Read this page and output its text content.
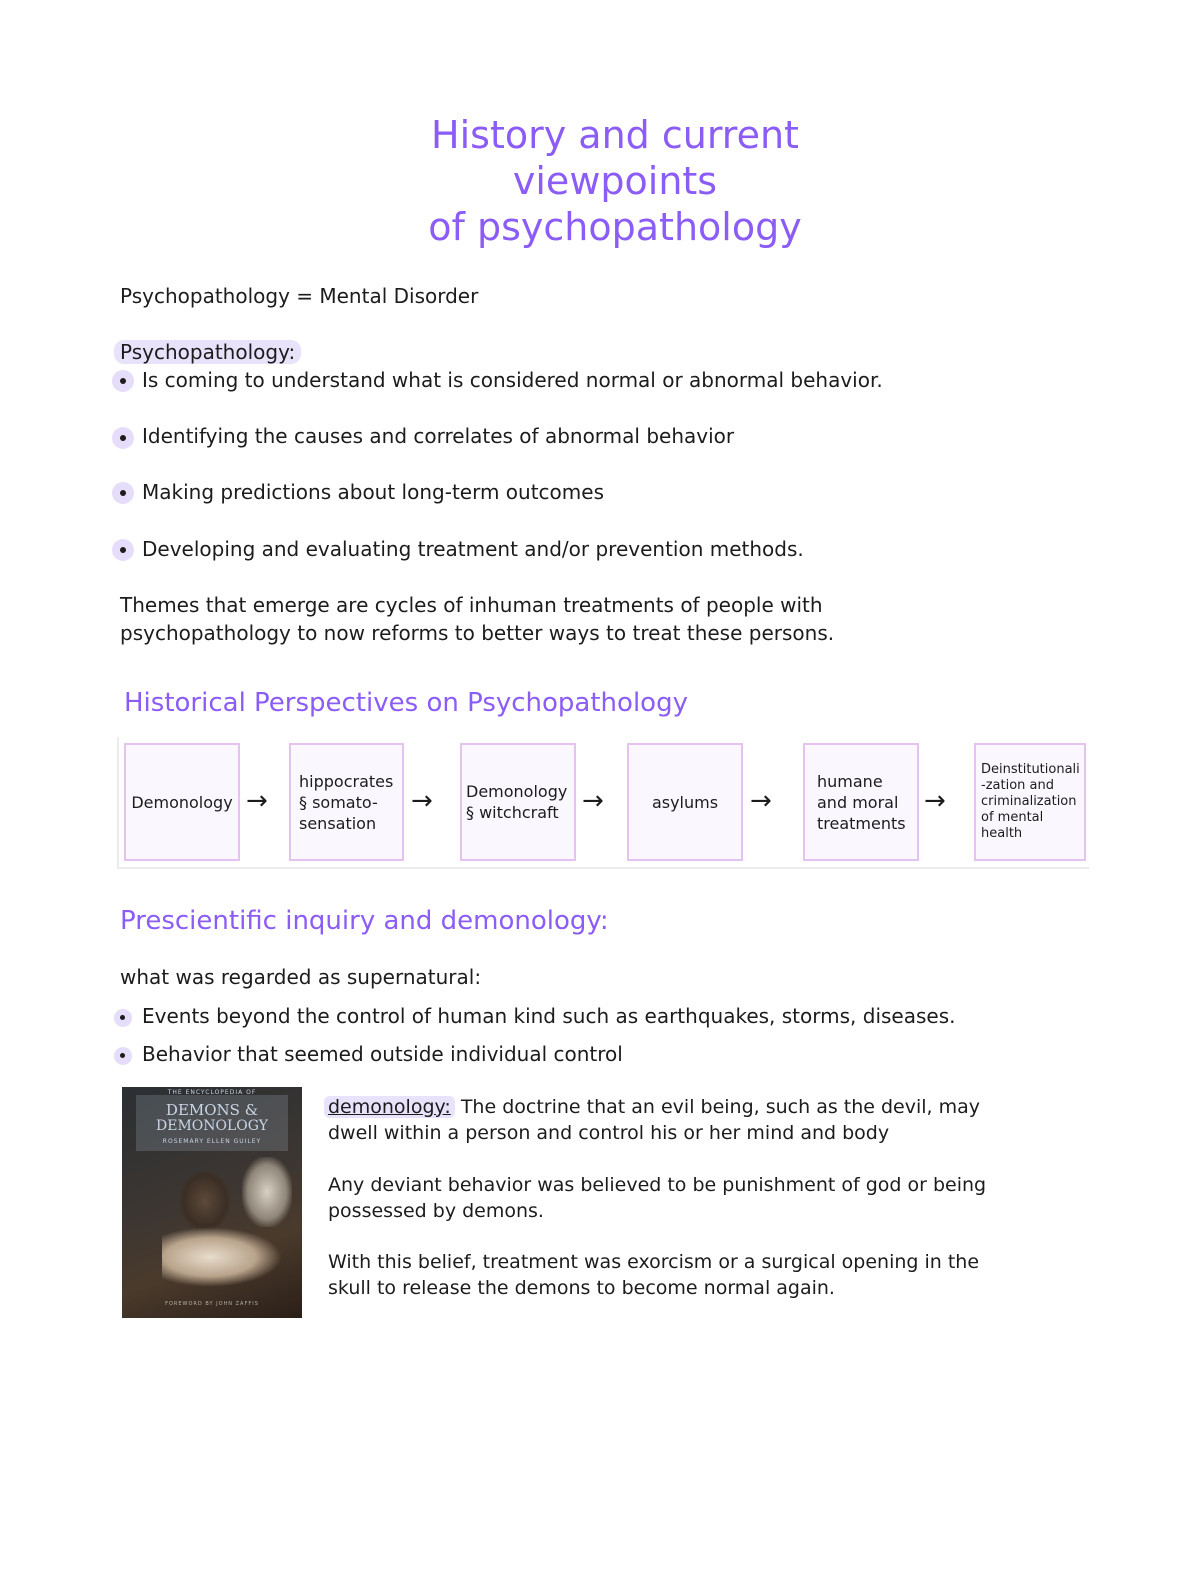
History and current
viewpoints
of psychopathology
Psychopathology = Mental Disorder
Psychopathology:
Is coming to understand what is considered normal or abnormal behavior.
Identifying the causes and correlates of abnormal behavior
Making predictions about long-term outcomes
Developing and evaluating treatment and/or prevention methods.
Themes that emerge are cycles of inhuman treatments of people with
psychopathology to now reforms to better ways to treat these persons.
Historical Perspectives on Psychopathology
Demonology →
hippocrates
§ somato-
sensation
→ Demonology
§ witchcraft →	asylums →
humane
and moral
treatments
→
Deinstitutionali
-zation and
criminalization
of mental
health
Prescientific inquiry and demonology:
what was regarded as supernatural:
Events beyond the control of human kind such as earthquakes, storms, diseases.
Behavior that seemed outside individual control
THE ENCYCLOPEDIA OF
DEMONS &
DEMONOLOGY
ROSEMARY ELLEN GUILEY
FOREWORD BY JOHN ZAFFIS
demonology: The doctrine that an evil being, such as the devil, may
dwell within a person and control his or her mind and body
Any deviant behavior was believed to be punishment of god or being
possessed by demons.
With this belief, treatment was exorcism or a surgical opening in the
skull to release the demons to become normal again.
